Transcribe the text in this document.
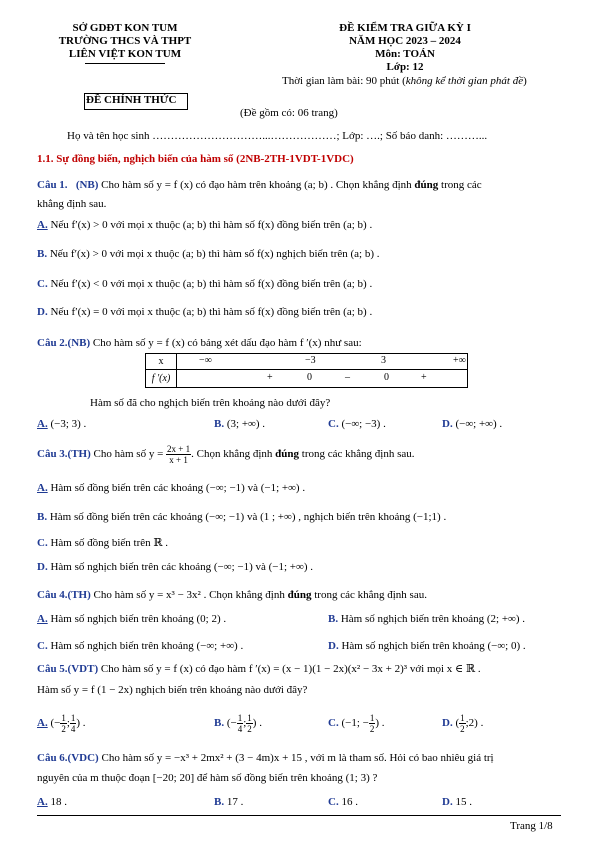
SỞ GDĐT KON TUM
TRƯỜNG THCS VÀ THPT
LIÊN VIỆT KON TUM
ĐỀ KIỂM TRA GIỮA KỲ I
NĂM HỌC 2023 – 2024
Môn: TOÁN
Lớp: 12
Thời gian làm bài: 90 phút (không kể thời gian phát đề)
ĐỀ CHÍNH THỨC
(Đề gồm có: 06 trang)
Họ và tên học sinh …………………………...………………; Lớp: ….; Số báo danh: ………...
1.1. Sự đồng biến, nghịch biến của hàm số (2NB-2TH-1VDT-1VDC)
Câu 1. (NB) Cho hàm số y = f (x) có đạo hàm trên khoảng (a; b) . Chọn khẳng định đúng trong các
khẳng định sau.
A. Nếu f′(x) > 0 với mọi x thuộc (a; b) thì hàm số f(x) đồng biến trên (a; b) .
B. Nếu f′(x) > 0 với mọi x thuộc (a; b) thì hàm số f(x) nghịch biến trên (a; b) .
C. Nếu f′(x) < 0 với mọi x thuộc (a; b) thì hàm số f(x) đồng biến trên (a; b) .
D. Nếu f′(x) = 0 với mọi x thuộc (a; b) thì hàm số f(x) đồng biến trên (a; b) .
Câu 2.(NB) Cho hàm số y = f (x) có bảng xét dấu đạo hàm f ′(x) như sau:
x	−∞ −3 3 +∞

f ′(x)	+ 0 – 0 +
Hàm số đã cho nghịch biến trên khoảng nào dưới đây?
A. (−3; 3) .	B. (3; +∞) .	C. (−∞; −3) .	D. (−∞; +∞) .
Câu 3.(TH) Cho hàm số $y = \frac{2x + 1}{x + 1}$ . Chọn khẳng định đúng trong các khẳng định sau.
A. Hàm số đồng biến trên các khoảng (−∞; −1) và (−1; +∞) .
B. Hàm số đồng biến trên các khoảng (−∞; −1) và (1 ; +∞) , nghịch biến trên khoảng (−1;1) .
C. Hàm số đồng biến trên ℝ .
D. Hàm số nghịch biến trên các khoảng (−∞; −1) và (−1; +∞) .
Câu 4.(TH) Cho hàm số y = x³ − 3x² . Chọn khẳng định đúng trong các khẳng định sau.
A. Hàm số nghịch biến trên khoảng (0; 2) .	B. Hàm số nghịch biến trên khoảng (2; +∞) .
C. Hàm số nghịch biến trên khoảng (−∞; +∞) .	D. Hàm số nghịch biến trên khoảng (−∞; 0) .
Câu 5.(VDT) Cho hàm số y = f (x) có đạo hàm f ′(x) = (x − 1)(1 − 2x)(x² − 3x + 2)³ với mọi x ∈ ℝ .
Hàm số y = f (1 − 2x) nghịch biến trên khoảng nào dưới đây?
A. (− $\frac{1}{2}$ ; $\frac{1}{4}$ ) .	B. (− $\frac{1}{4}$ ; $\frac{1}{2}$ ) .	C. (−1; − $\frac{1}{2}$ ) .	D. ( $\frac{1}{2}$ ;2) .
Câu 6.(VDC) Cho hàm số y = −x³ + 2mx² + (3 − 4m)x + 15 , với m là tham số. Hỏi có bao nhiêu giá trị
nguyên của m thuộc đoạn [−20; 20] để hàm số đồng biến trên khoảng (1; 3) ?
A. 18 .	B. 17 .	C. 16 .	D. 15 .
Trang 1/8
